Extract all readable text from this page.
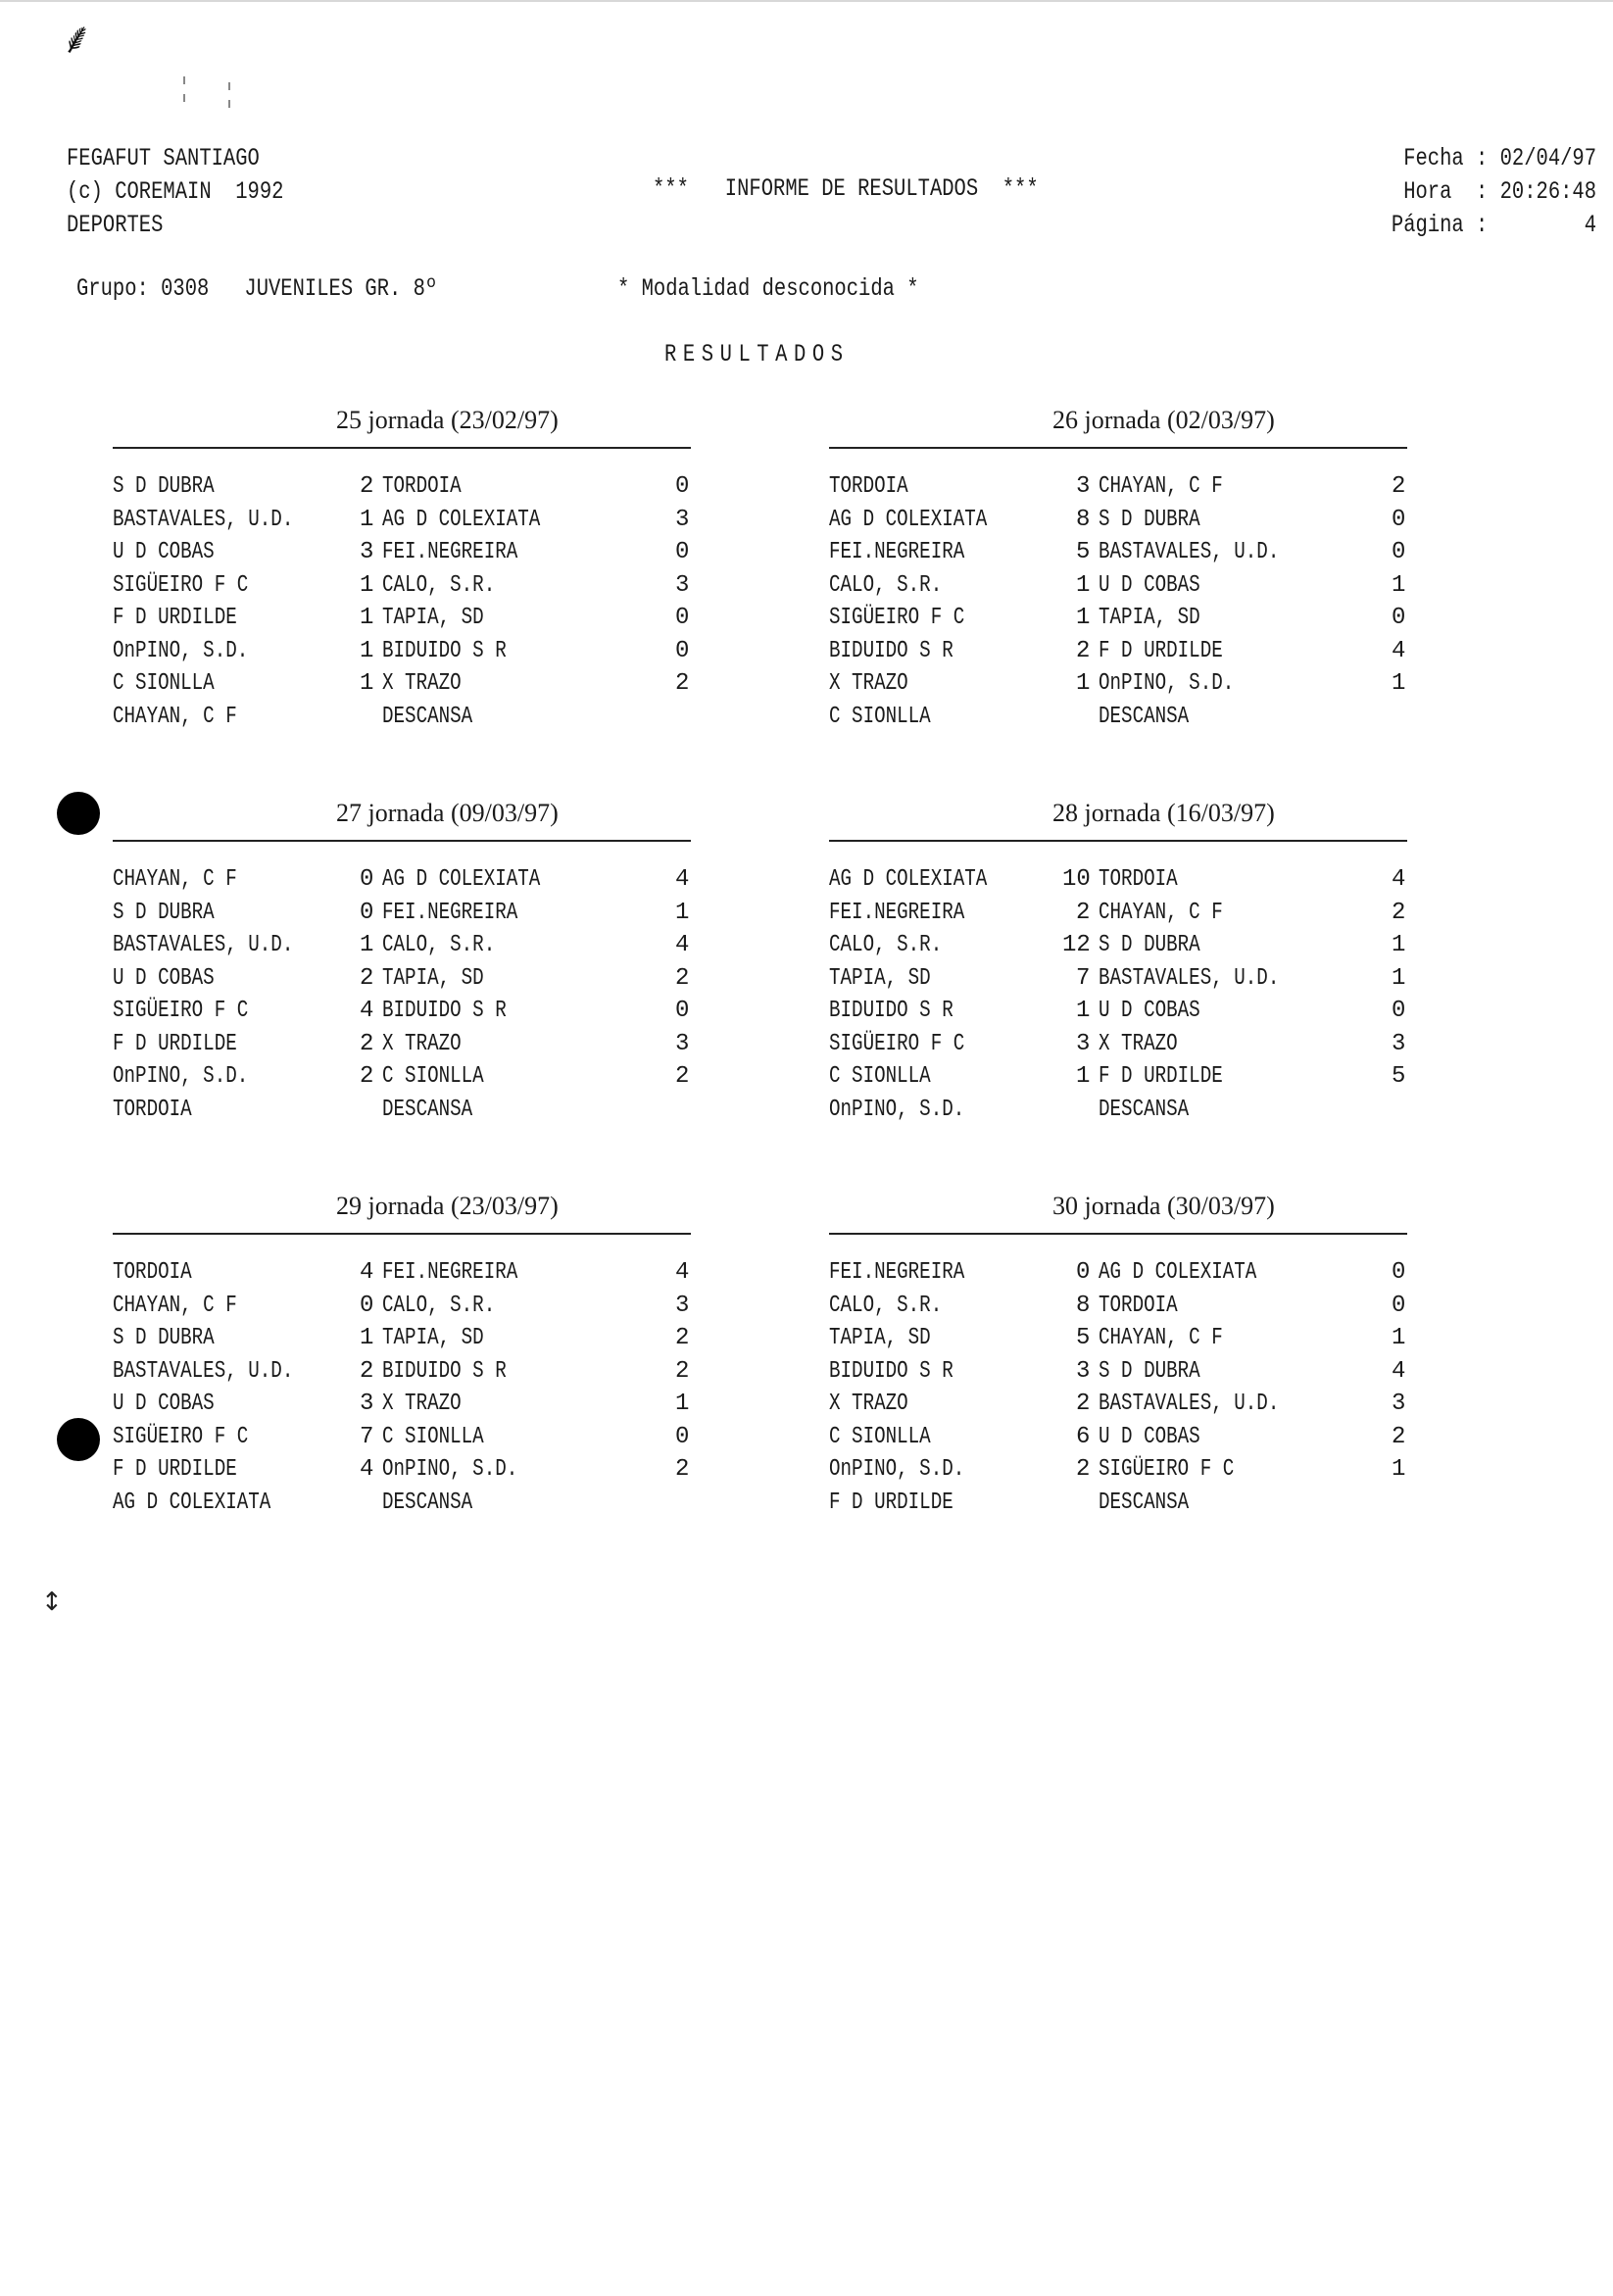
⸙
↕
FEGAFUT SANTIAGO
(c) COREMAIN  1992
DEPORTES
Fecha : 02/04/97
Hora  : 20:26:48
Página :        4
***   INFORME DE RESULTADOS  ***
Grupo: 0308 JUVENILES GR. 8º	* Modalidad desconocida *
RESULTADOS
25 jornada (23/02/97)
S D DUBRA	2 TORDOIA	0
BASTAVALES, U.D.	1 AG D COLEXIATA	3
U D COBAS	3 FEI.NEGREIRA	0
SIGÜEIRO F C	1 CALO, S.R.	3
F D URDILDE	1 TAPIA, SD	0
OnPINO, S.D.	1 BIDUIDO S R	0
C SIONLLA	1 X TRAZO	2
CHAYAN, C F	DESCANSA
26 jornada (02/03/97)
TORDOIA	3 CHAYAN, C F	2
AG D COLEXIATA	8 S D DUBRA	0
FEI.NEGREIRA	5 BASTAVALES, U.D.	0
CALO, S.R.	1 U D COBAS	1
SIGÜEIRO F C	1 TAPIA, SD	0
BIDUIDO S R	2 F D URDILDE	4
X TRAZO	1 OnPINO, S.D.	1
C SIONLLA	DESCANSA
27 jornada (09/03/97)
CHAYAN, C F	0 AG D COLEXIATA	4
S D DUBRA	0 FEI.NEGREIRA	1
BASTAVALES, U.D.	1 CALO, S.R.	4
U D COBAS	2 TAPIA, SD	2
SIGÜEIRO F C	4 BIDUIDO S R	0
F D URDILDE	2 X TRAZO	3
OnPINO, S.D.	2 C SIONLLA	2
TORDOIA	DESCANSA
28 jornada (16/03/97)
AG D COLEXIATA	10 TORDOIA	4
FEI.NEGREIRA	2 CHAYAN, C F	2
CALO, S.R.	12 S D DUBRA	1
TAPIA, SD	7 BASTAVALES, U.D.	1
BIDUIDO S R	1 U D COBAS	0
SIGÜEIRO F C	3 X TRAZO	3
C SIONLLA	1 F D URDILDE	5
OnPINO, S.D.	DESCANSA
29 jornada (23/03/97)
TORDOIA	4 FEI.NEGREIRA	4
CHAYAN, C F	0 CALO, S.R.	3
S D DUBRA	1 TAPIA, SD	2
BASTAVALES, U.D.	2 BIDUIDO S R	2
U D COBAS	3 X TRAZO	1
SIGÜEIRO F C	7 C SIONLLA	0
F D URDILDE	4 OnPINO, S.D.	2
AG D COLEXIATA	DESCANSA
30 jornada (30/03/97)
FEI.NEGREIRA	0 AG D COLEXIATA	0
CALO, S.R.	8 TORDOIA	0
TAPIA, SD	5 CHAYAN, C F	1
BIDUIDO S R	3 S D DUBRA	4
X TRAZO	2 BASTAVALES, U.D.	3
C SIONLLA	6 U D COBAS	2
OnPINO, S.D.	2 SIGÜEIRO F C	1
F D URDILDE	DESCANSA
